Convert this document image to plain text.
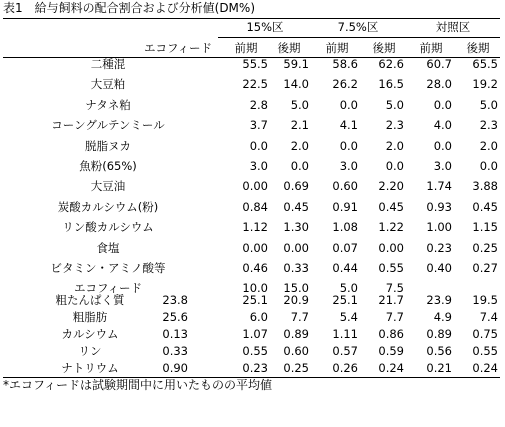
表1　給与飼料の配合割合および分析値(DM%)
15%区	7.5%区	対照区
エコフィード 前期 後期 前期 後期 前期 後期
二種混	55.5	59.1	58.6	62.6	60.7	65.5
大豆粕	22.5	14.0	26.2	16.5	28.0	19.2
ナタネ粕	2.8	5.0	0.0	5.0	0.0	5.0
コーングルテンミール	3.7	2.1	4.1	2.3	4.0	2.3
脱脂ヌカ	0.0	2.0	0.0	2.0	0.0	2.0
魚粉(65%)	3.0	0.0	3.0	0.0	3.0	0.0
大豆油	0.00	0.69	0.60	2.20	1.74	3.88
炭酸カルシウム(粉)	0.84	0.45	0.91	0.45	0.93	0.45
リン酸カルシウム	1.12	1.30	1.08	1.22	1.00	1.15
食塩	0.00	0.00	0.07	0.00	0.23	0.25
ビタミン・アミノ酸等	0.46	0.33	0.44	0.55	0.40	0.27
エコフィード	10.0	15.0	5.0	7.5
粗たんぱく質	23.8	25.1	20.9	25.1	21.7	23.9	19.5
粗脂肪	25.6	6.0	7.7	5.4	7.7	4.9	7.4
カルシウム	0.13	1.07	0.89	1.11	0.86	0.89	0.75
リン	0.33	0.55	0.60	0.57	0.59	0.56	0.55
ナトリウム	0.90	0.23	0.25	0.26	0.24	0.21	0.24
*エコフィードは試験期間中に用いたものの平均値
